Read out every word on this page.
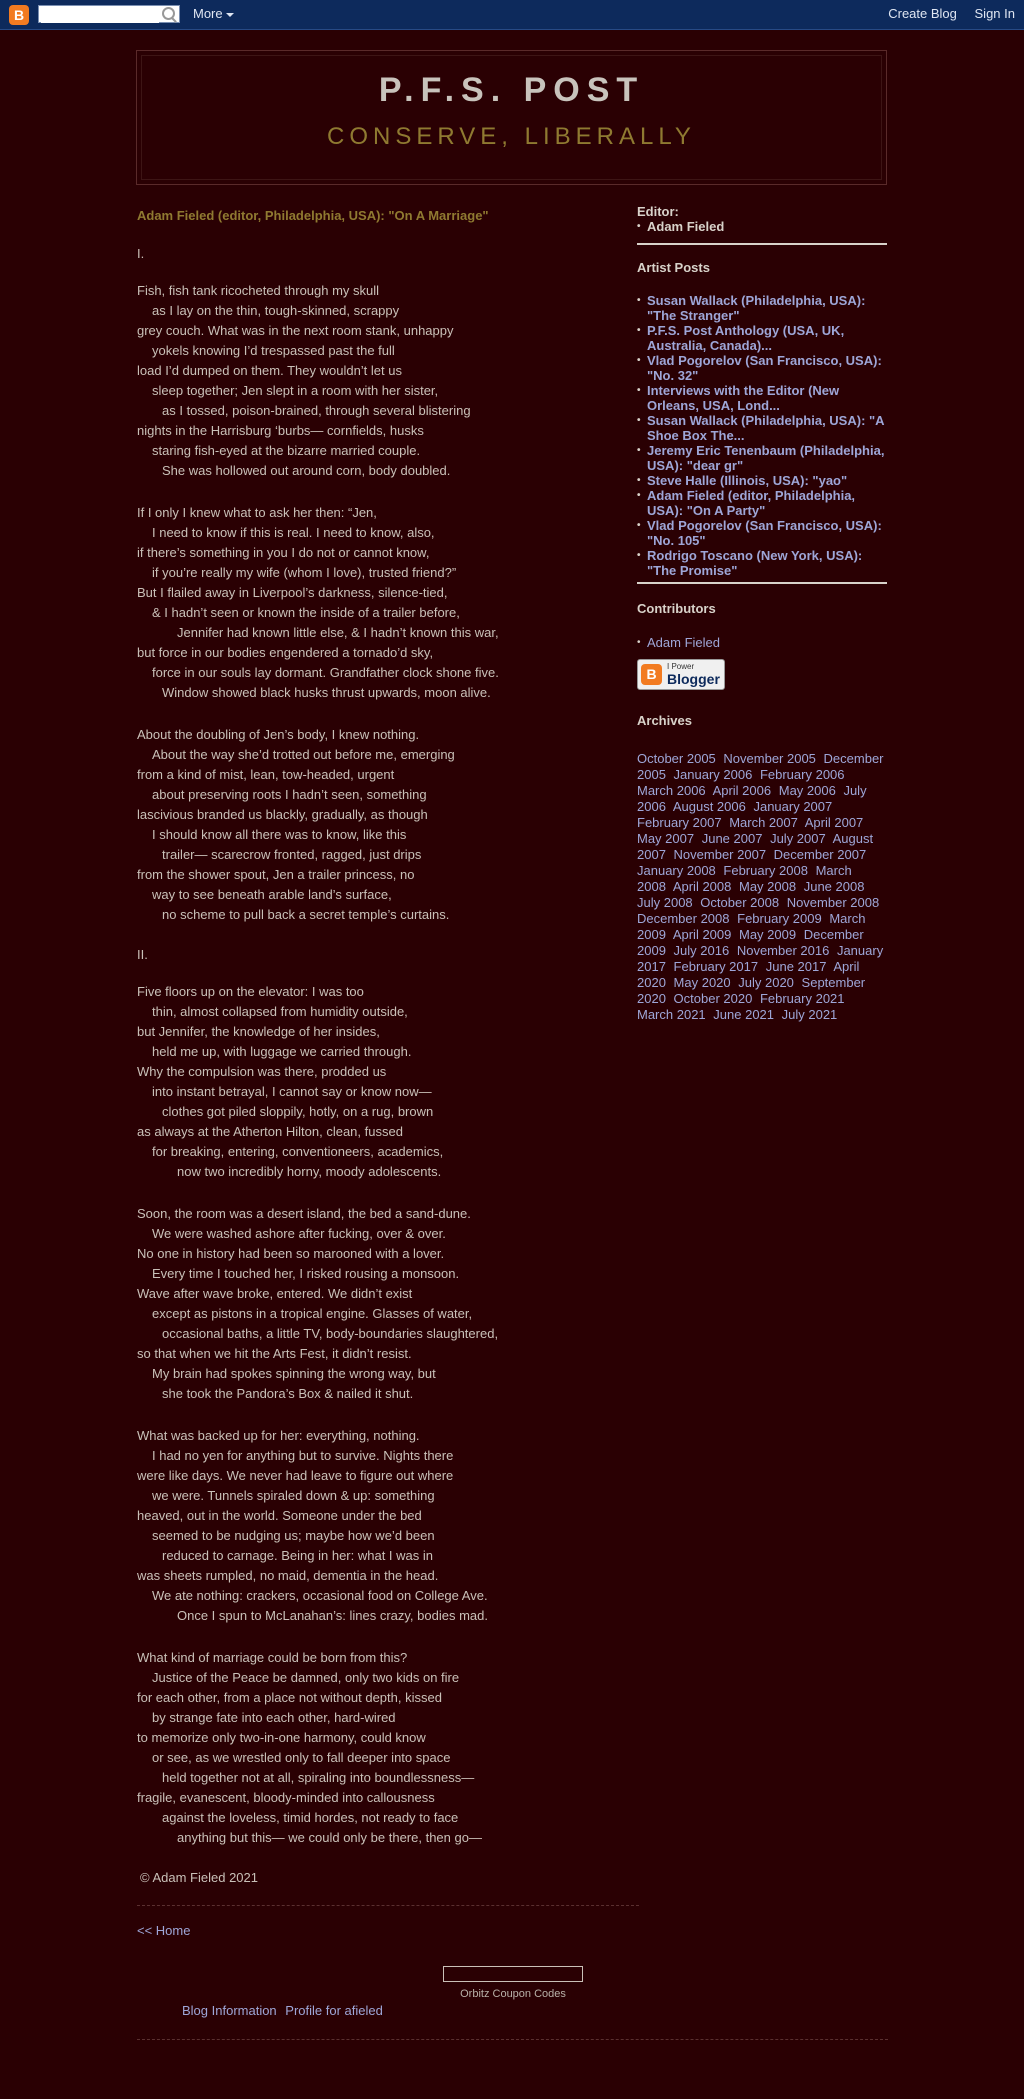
B	More	Create Blog Sign In
P.F.S. POST
CONSERVE, LIBERALLY
Adam Fieled (editor, Philadelphia, USA): "On A Marriage"
I.
Fish, fish tank ricocheted through my skull
as I lay on the thin, tough-skinned, scrappy
grey couch. What was in the next room stank, unhappy
yokels knowing I’d trespassed past the full
load I’d dumped on them. They wouldn’t let us
sleep together; Jen slept in a room with her sister,
as I tossed, poison-brained, through several blistering
nights in the Harrisburg ‘burbs— cornfields, husks
staring fish-eyed at the bizarre married couple.
She was hollowed out around corn, body doubled.
If I only I knew what to ask her then: “Jen,
I need to know if this is real. I need to know, also,
if there’s something in you I do not or cannot know,
if you’re really my wife (whom I love), trusted friend?”
But I flailed away in Liverpool’s darkness, silence-tied,
& I hadn’t seen or known the inside of a trailer before,
Jennifer had known little else, & I hadn’t known this war,
but force in our bodies engendered a tornado’d sky,
force in our souls lay dormant. Grandfather clock shone five.
Window showed black husks thrust upwards, moon alive.
About the doubling of Jen’s body, I knew nothing.
About the way she’d trotted out before me, emerging
from a kind of mist, lean, tow-headed, urgent
about preserving roots I hadn’t seen, something
lascivious branded us blackly, gradually, as though
I should know all there was to know, like this
trailer— scarecrow fronted, ragged, just drips
from the shower spout, Jen a trailer princess, no
way to see beneath arable land’s surface,
no scheme to pull back a secret temple’s curtains.
II.
Five floors up on the elevator: I was too
thin, almost collapsed from humidity outside,
but Jennifer, the knowledge of her insides,
held me up, with luggage we carried through.
Why the compulsion was there, prodded us
into instant betrayal, I cannot say or know now—
clothes got piled sloppily, hotly, on a rug, brown
as always at the Atherton Hilton, clean, fussed
for breaking, entering, conventioneers, academics,
now two incredibly horny, moody adolescents.
Soon, the room was a desert island, the bed a sand-dune.
We were washed ashore after fucking, over & over.
No one in history had been so marooned with a lover.
Every time I touched her, I risked rousing a monsoon.
Wave after wave broke, entered. We didn’t exist
except as pistons in a tropical engine. Glasses of water,
occasional baths, a little TV, body-boundaries slaughtered,
so that when we hit the Arts Fest, it didn’t resist.
My brain had spokes spinning the wrong way, but
she took the Pandora’s Box & nailed it shut.
What was backed up for her: everything, nothing.
I had no yen for anything but to survive. Nights there
were like days. We never had leave to figure out where
we were. Tunnels spiraled down & up: something
heaved, out in the world. Someone under the bed
seemed to be nudging us; maybe how we’d been
reduced to carnage. Being in her: what I was in
was sheets rumpled, no maid, dementia in the head.
We ate nothing: crackers, occasional food on College Ave.
Once I spun to McLanahan’s: lines crazy, bodies mad.
What kind of marriage could be born from this?
Justice of the Peace be damned, only two kids on fire
for each other, from a place not without depth, kissed
by strange fate into each other, hard-wired
to memorize only two-in-one harmony, could know
or see, as we wrestled only to fall deeper into space
held together not at all, spiraling into boundlessness—
fragile, evanescent, bloody-minded into callousness
against the loveless, timid hordes, not ready to face
anything but this— we could only be there, then go—
© Adam Fieled 2021
<< Home
Orbitz Coupon Codes
Blog Information Profile for afieled
Editor:
• Adam Fieled
Artist Posts
• Susan Wallack (Philadelphia, USA): "The Stranger"
• P.F.S. Post Anthology (USA, UK, Australia, Canada)...
• Vlad Pogorelov (San Francisco, USA): "No. 32"
• Interviews with the Editor (New Orleans, USA, Lond...
• Susan Wallack (Philadelphia, USA): "A Shoe Box The...
• Jeremy Eric Tenenbaum (Philadelphia, USA): "dear gr"
• Steve Halle (Illinois, USA): "yao"
• Adam Fieled (editor, Philadelphia, USA): "On A Party"
• Vlad Pogorelov (San Francisco, USA): "No. 105"
• Rodrigo Toscano (New York, USA): "The Promise"
Contributors
• Adam Fieled
B	I Power
Blogger
Archives
October 2005 November 2005 December 2005 January 2006 February 2006 March 2006 April 2006 May 2006 July 2006 August 2006 January 2007 February 2007 March 2007 April 2007 May 2007 June 2007 July 2007 August 2007 November 2007 December 2007 January 2008 February 2008 March 2008 April 2008 May 2008 June 2008 July 2008 October 2008 November 2008 December 2008 February 2009 March 2009 April 2009 May 2009 December 2009 July 2016 November 2016 January 2017 February 2017 June 2017 April 2020 May 2020 July 2020 September 2020 October 2020 February 2021 March 2021 June 2021 July 2021
